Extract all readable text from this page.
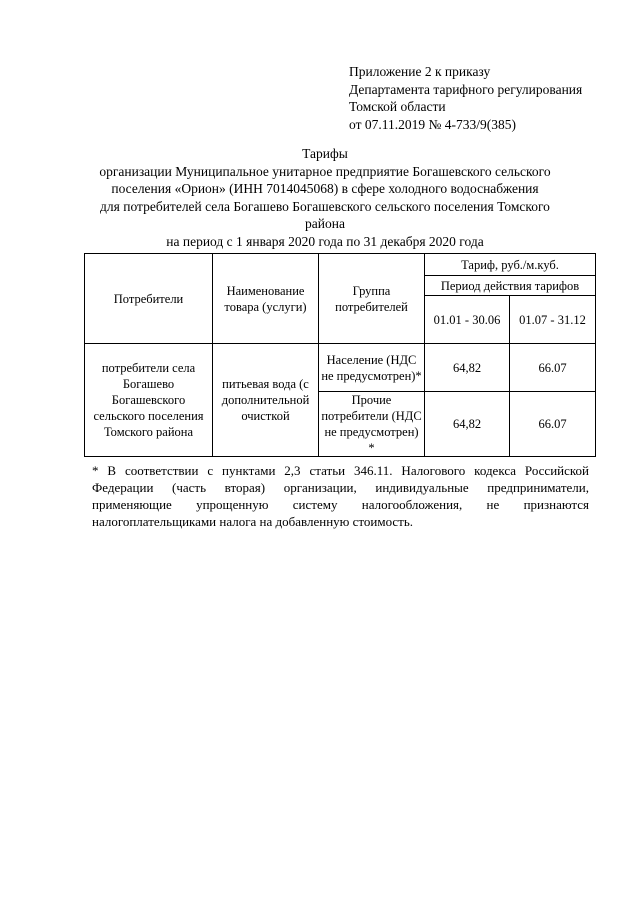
Приложение 2 к приказу
Департамента тарифного регулирования
Томской области
от 07.11.2019 № 4-733/9(385)
Тарифы
организации Муниципальное унитарное предприятие Богашевского сельского
поселения «Орион» (ИНН 7014045068) в сфере холодного водоснабжения
для потребителей села Богашево Богашевского сельского поселения Томского
района
на период с 1 января 2020 года по 31 декабря 2020 года
Потребители	Наименование товара (услуги)	Группа потребителей	Тариф, руб./м.куб.	
			Период действия тарифов	
			01.01 - 30.06	01.07 - 31.12
потребители села Богашево Богашевского сельского поселения Томского района	питьевая вода (с дополнительной очисткой	Население (НДС не предусмотрен)*	64,82	66.07
		Прочие потребители (НДС не предусмотрен) *	64,82	66.07
* В соответствии с пунктами 2,3 статьи 346.11. Налогового кодекса Российской Федерации (часть вторая) организации, индивидуальные предприниматели, применяющие упрощенную систему налогообложения, не признаются налогоплательщиками налога на добавленную стоимость.
